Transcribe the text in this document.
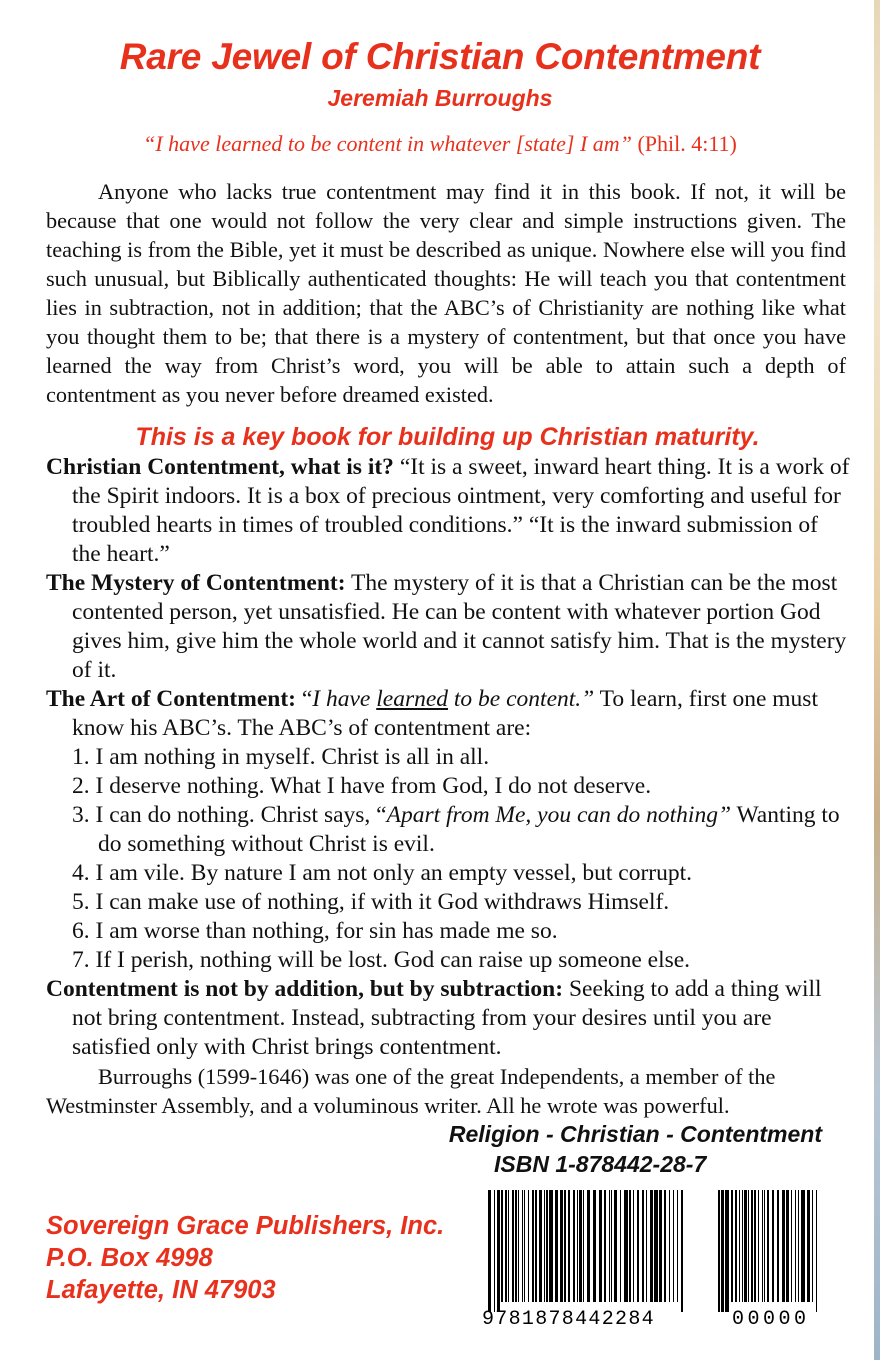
Rare Jewel of Christian Contentment
Jeremiah Burroughs
“I have learned to be content in whatever [state] I am” (Phil. 4:11)

Anyone who lacks true contentment may find it in this book. If not, it will be because that one would not follow the very clear and simple instructions given. The teaching is from the Bible, yet it must be described as unique. Nowhere else will you find such unusual, but Biblically authenticated thoughts: He will teach you that contentment lies in subtraction, not in addition; that the ABC’s of Christianity are nothing like what you thought them to be; that there is a mystery of contentment, but that once you have learned the way from Christ’s word, you will be able to attain such a depth of contentment as you never before dreamed existed.

This is a key book for building up Christian maturity.

Christian Contentment, what is it? “It is a sweet, inward heart thing. It is a work of the Spirit indoors. It is a box of precious ointment, very comforting and useful for troubled hearts in times of troubled conditions.” “It is the inward submission of the heart.”

The Mystery of Contentment: The mystery of it is that a Christian can be the most contented person, yet unsatisfied. He can be content with whatever portion God gives him, give him the whole world and it cannot satisfy him. That is the mystery of it.

The Art of Contentment: “I have learned to be content.” To learn, first one must know his ABC’s. The ABC’s of contentment are:

1. I am nothing in myself. Christ is all in all.
2. I deserve nothing. What I have from God, I do not deserve.
3. I can do nothing. Christ says, “Apart from Me, you can do nothing” Wanting to do something without Christ is evil.
4. I am vile. By nature I am not only an empty vessel, but corrupt.
5. I can make use of nothing, if with it God withdraws Himself.
6. I am worse than nothing, for sin has made me so.
7. If I perish, nothing will be lost. God can raise up someone else.

Contentment is not by addition, but by subtraction: Seeking to add a thing will not bring contentment. Instead, subtracting from your desires until you are satisfied only with Christ brings contentment.

Burroughs (1599-1646) was one of the great Independents, a member of the Westminster Assembly, and a voluminous writer. All he wrote was powerful.

Religion - Christian - Contentment
ISBN 1-878442-28-7
Sovereign Grace Publishers, Inc.
P.O. Box 4998
Lafayette, IN 47903
9781878442284	00000
